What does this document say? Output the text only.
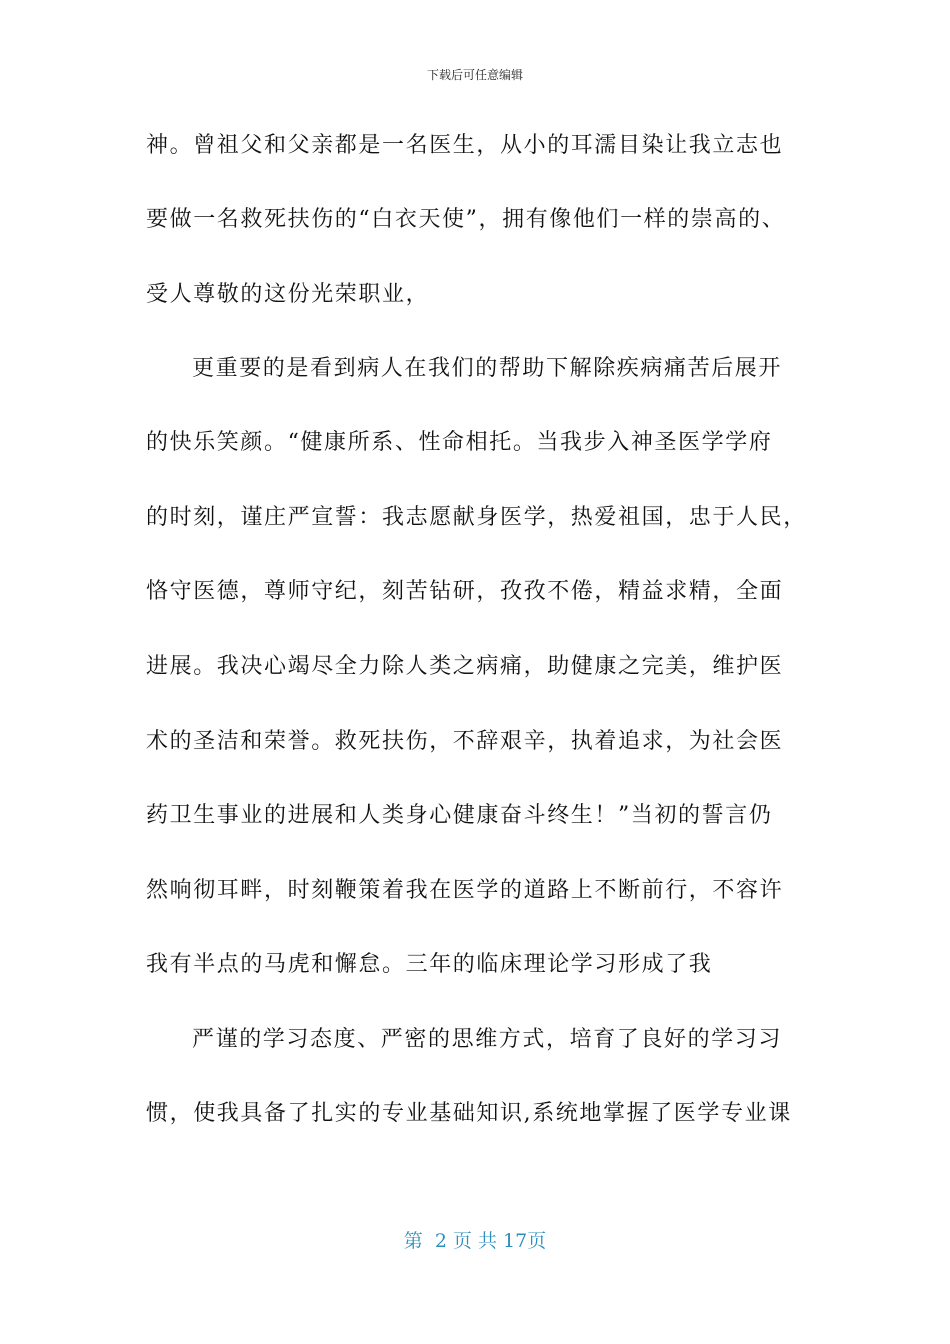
下载后可任意编辑
神。曾祖父和父亲都是一名医生，从小的耳濡目染让我立志也
要做一名救死扶伤的“白衣天使”，拥有像他们一样的崇高的、
受人尊敬的这份光荣职业，
更重要的是看到病人在我们的帮助下解除疾病痛苦后展开
的快乐笑颜。“健康所系、性命相托。当我步入神圣医学学府
的时刻，谨庄严宣誓：我志愿献身医学，热爱祖国，忠于人民，
恪守医德，尊师守纪，刻苦钻研，孜孜不倦，精益求精，全面
进展。我决心竭尽全力除人类之病痛，助健康之完美，维护医
术的圣洁和荣誉。救死扶伤，不辞艰辛，执着追求，为社会医
药卫生事业的进展和人类身心健康奋斗终生！”当初的誓言仍
然响彻耳畔，时刻鞭策着我在医学的道路上不断前行，不容许
我有半点的马虎和懈怠。三年的临床理论学习形成了我
严谨的学习态度、严密的思维方式，培育了良好的学习习
惯，使我具备了扎实的专业基础知识,系统地掌握了医学专业课
第  2 页 共 17页
